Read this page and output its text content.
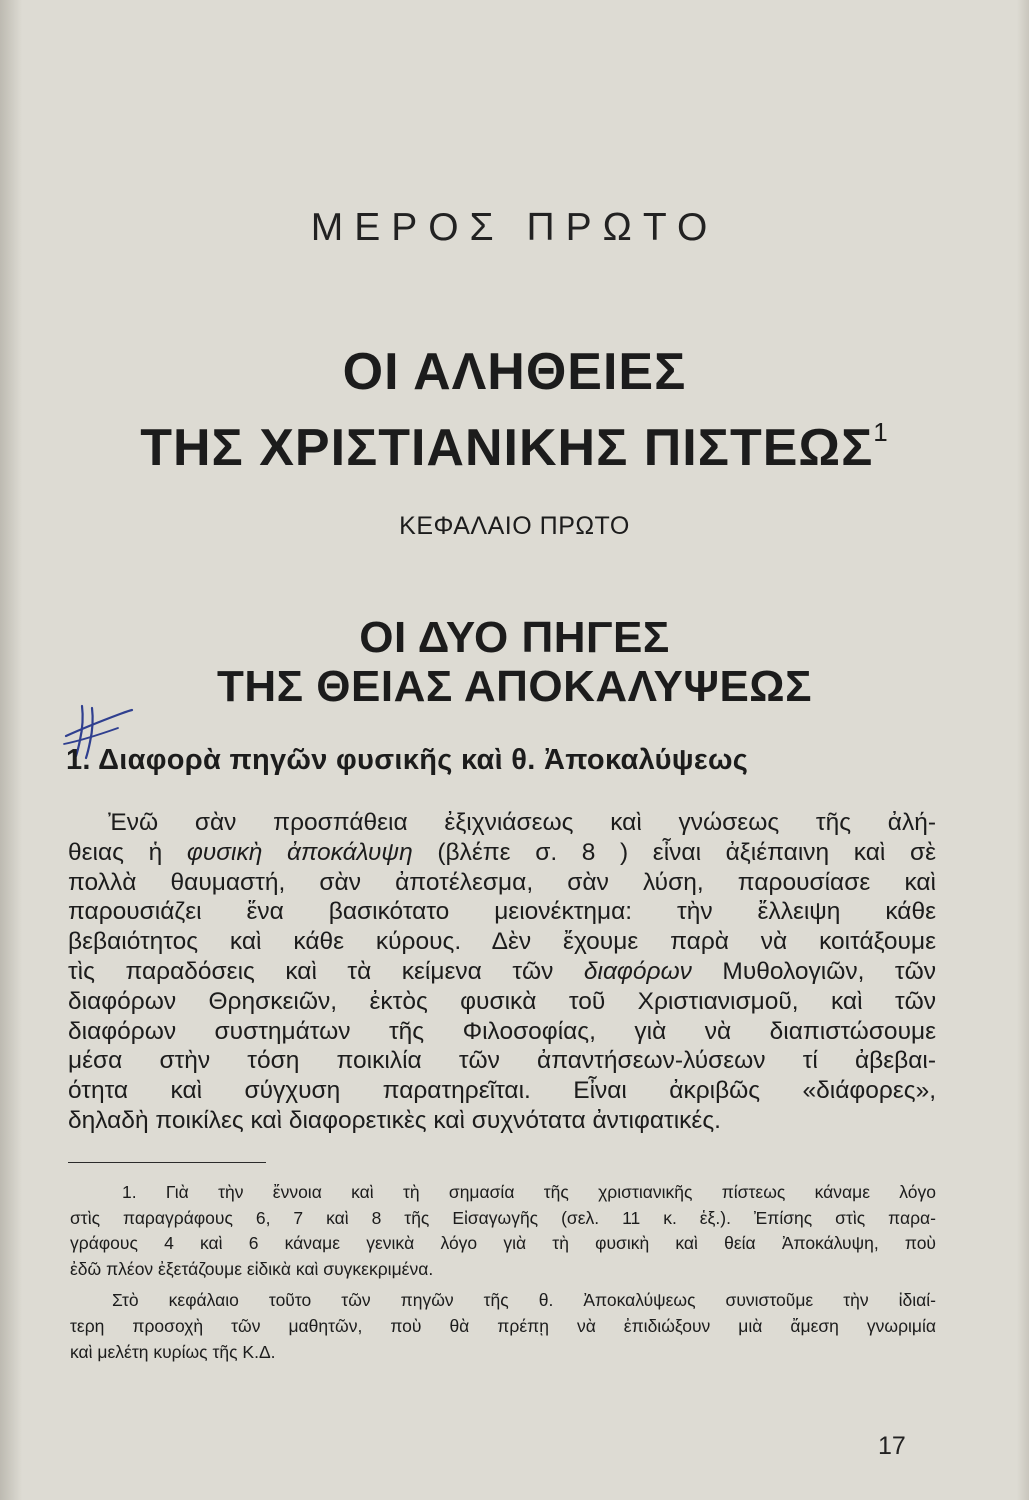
ΜΕΡΟΣ ΠΡΩΤΟ
ΟΙ ΑΛΗΘΕΙΕΣ
ΤΗΣ ΧΡΙΣΤΙΑΝΙΚΗΣ ΠΙΣΤΕΩΣ$^1$
ΚΕΦΑΛΑΙΟ ΠΡΩΤΟ
ΟΙ ΔΥΟ ΠΗΓΕΣ
ΤΗΣ ΘΕΙΑΣ ΑΠΟΚΑΛΥΨΕΩΣ
1. Διαφορὰ πηγῶν φυσικῆς καὶ θ. Ἀποκαλύψεως
Ἐνῶ σὰν προσπάθεια ἐξιχνιάσεως καὶ γνώσεως τῆς ἀλή-
θειας ἡ φυσικὴ ἀποκάλυψη (βλέπε σ. 8 ) εἶναι ἀξιέπαινη καὶ σὲ
πολλὰ θαυμαστή, σὰν ἀποτέλεσμα, σὰν λύση, παρουσίασε καὶ
παρουσιάζει ἕνα βασικότατο μειονέκτημα: τὴν ἔλλειψη κάθε
βεβαιότητος καὶ κάθε κύρους. Δὲν ἔχουμε παρὰ νὰ κοιτάξουμε
τὶς παραδόσεις καὶ τὰ κείμενα τῶν διαφόρων Μυθολογιῶν, τῶν
διαφόρων Θρησκειῶν, ἐκτὸς φυσικὰ τοῦ Χριστιανισμοῦ, καὶ τῶν
διαφόρων συστημάτων τῆς Φιλοσοφίας, γιὰ νὰ διαπιστώσουμε
μέσα στὴν τόση ποικιλία τῶν ἀπαντήσεων-λύσεων τί ἀβεβαι-
ότητα καὶ σύγχυση παρατηρεῖται. Εἶναι ἀκριβῶς «διάφορες»,
δηλαδὴ ποικίλες καὶ διαφορετικὲς καὶ συχνότατα ἀντιφατικές.
1. Γιὰ τὴν ἔννοια καὶ τὴ σημασία τῆς χριστιανικῆς πίστεως κάναμε λόγο
στὶς παραγράφους 6, 7 καὶ 8 τῆς Εἰσαγωγῆς (σελ. 11 κ. ἑξ.). Ἐπίσης στὶς παρα-
γράφους 4 καὶ 6 κάναμε γενικὰ λόγο γιὰ τὴ φυσικὴ καὶ θεία Ἀποκάλυψη, ποὺ
ἐδῶ πλέον ἐξετάζουμε εἰδικὰ καὶ συγκεκριμένα.
Στὸ κεφάλαιο τοῦτο τῶν πηγῶν τῆς θ. Ἀποκαλύψεως συνιστοῦμε τὴν ἰδιαί-
τερη προσοχὴ τῶν μαθητῶν, ποὺ θὰ πρέπῃ νὰ ἐπιδιώξουν μιὰ ἄμεση γνωριμία
καὶ μελέτη κυρίως τῆς Κ.Δ.
17
